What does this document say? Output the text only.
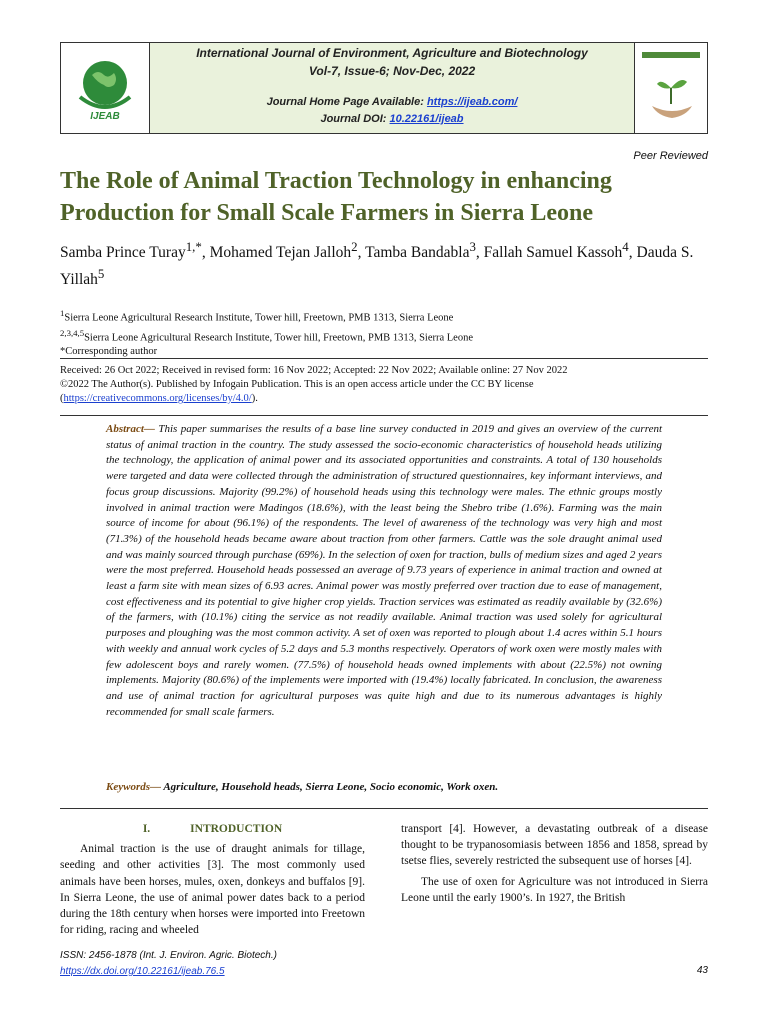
IJEAB
International Journal of Environment, Agriculture and Biotechnology
Vol-7, Issue-6; Nov-Dec, 2022
Journal Home Page Available: https://ijeab.com/
Journal DOI: 10.22161/ijeab
Peer Reviewed
The Role of Animal Traction Technology in enhancing Production for Small Scale Farmers in Sierra Leone
Samba Prince Turay$^{1,*}$, Mohamed Tejan Jalloh$^2$, Tamba Bandabla$^3$, Fallah Samuel Kassoh$^4$, Dauda S. Yillah$^5$
$^1$Sierra Leone Agricultural Research Institute, Tower hill, Freetown, PMB 1313, Sierra Leone
$^{2,3,4,5}$Sierra Leone Agricultural Research Institute, Tower hill, Freetown, PMB 1313, Sierra Leone
*Corresponding author
Received: 26 Oct 2022; Received in revised form: 16 Nov 2022; Accepted: 22 Nov 2022; Available online: 27 Nov 2022
©2022 The Author(s). Published by Infogain Publication. This is an open access article under the CC BY license
(https://creativecommons.org/licenses/by/4.0/).
Abstract— This paper summarises the results of a base line survey conducted in 2019 and gives an overview of the current status of animal traction in the country. The study assessed the socio-economic characteristics of household heads utilizing the technology, the application of animal power and its associated opportunities and constraints. A total of 130 households were targeted and data were collected through the administration of structured questionnaires, key informant interviews, and focus group discussions. Majority (99.2%) of household heads using this technology were males. The ethnic groups mostly involved in animal traction were Madingos (18.6%), with the least being the Shebro tribe (1.6%). Farming was the main source of income for about (96.1%) of the respondents. The level of awareness of the technology was very high and most (71.3%) of the household heads became aware about traction from other farmers. Cattle was the sole draught animal used and was mainly sourced through purchase (69%). In the selection of oxen for traction, bulls of medium sizes and aged 2 years were the most preferred. Household heads possessed an average of 9.73 years of experience in animal traction and owned at least a farm site with mean sizes of 6.93 acres. Animal power was mostly preferred over traction due to ease of management, cost effectiveness and its potential to give higher crop yields. Traction services was estimated as readily available by (32.6%) of the farmers, with (10.1%) citing the service as not readily available. Animal traction was used solely for agricultural purposes and ploughing was the most common activity. A set of oxen was reported to plough about 1.4 acres within 5.1 hours with weekly and annual work cycles of 5.2 days and 5.3 months respectively. Operators of work oxen were mostly males with few adolescent boys and rarely women. (77.5%) of household heads owned implements with about (22.5%) not owning implements. Majority (80.6%) of the implements were imported with (19.4%) locally fabricated. In conclusion, the awareness and use of animal traction for agricultural purposes was quite high and due to its numerous advantages is highly recommended for small scale farmers.
Keywords— Agriculture, Household heads, Sierra Leone, Socio economic, Work oxen.
I.	INTRODUCTION

Animal traction is the use of draught animals for tillage, seeding and other activities [3]. The most commonly used animals have been horses, mules, oxen, donkeys and buffalos [9]. In Sierra Leone, the use of animal power dates back to a period during the 18th century when horses were imported into Freetown for riding, racing and wheeled

transport [4]. However, a devastating outbreak of a disease thought to be trypanosomiasis between 1856 and 1858, spread by tsetse flies, severely restricted the subsequent use of horses [4].

The use of oxen for Agriculture was not introduced in Sierra Leone until the early 1900’s. In 1927, the British

ISSN: 2456-1878 (Int. J. Environ. Agric. Biotech.)
https://dx.doi.org/10.22161/ijeab.76.5	43
